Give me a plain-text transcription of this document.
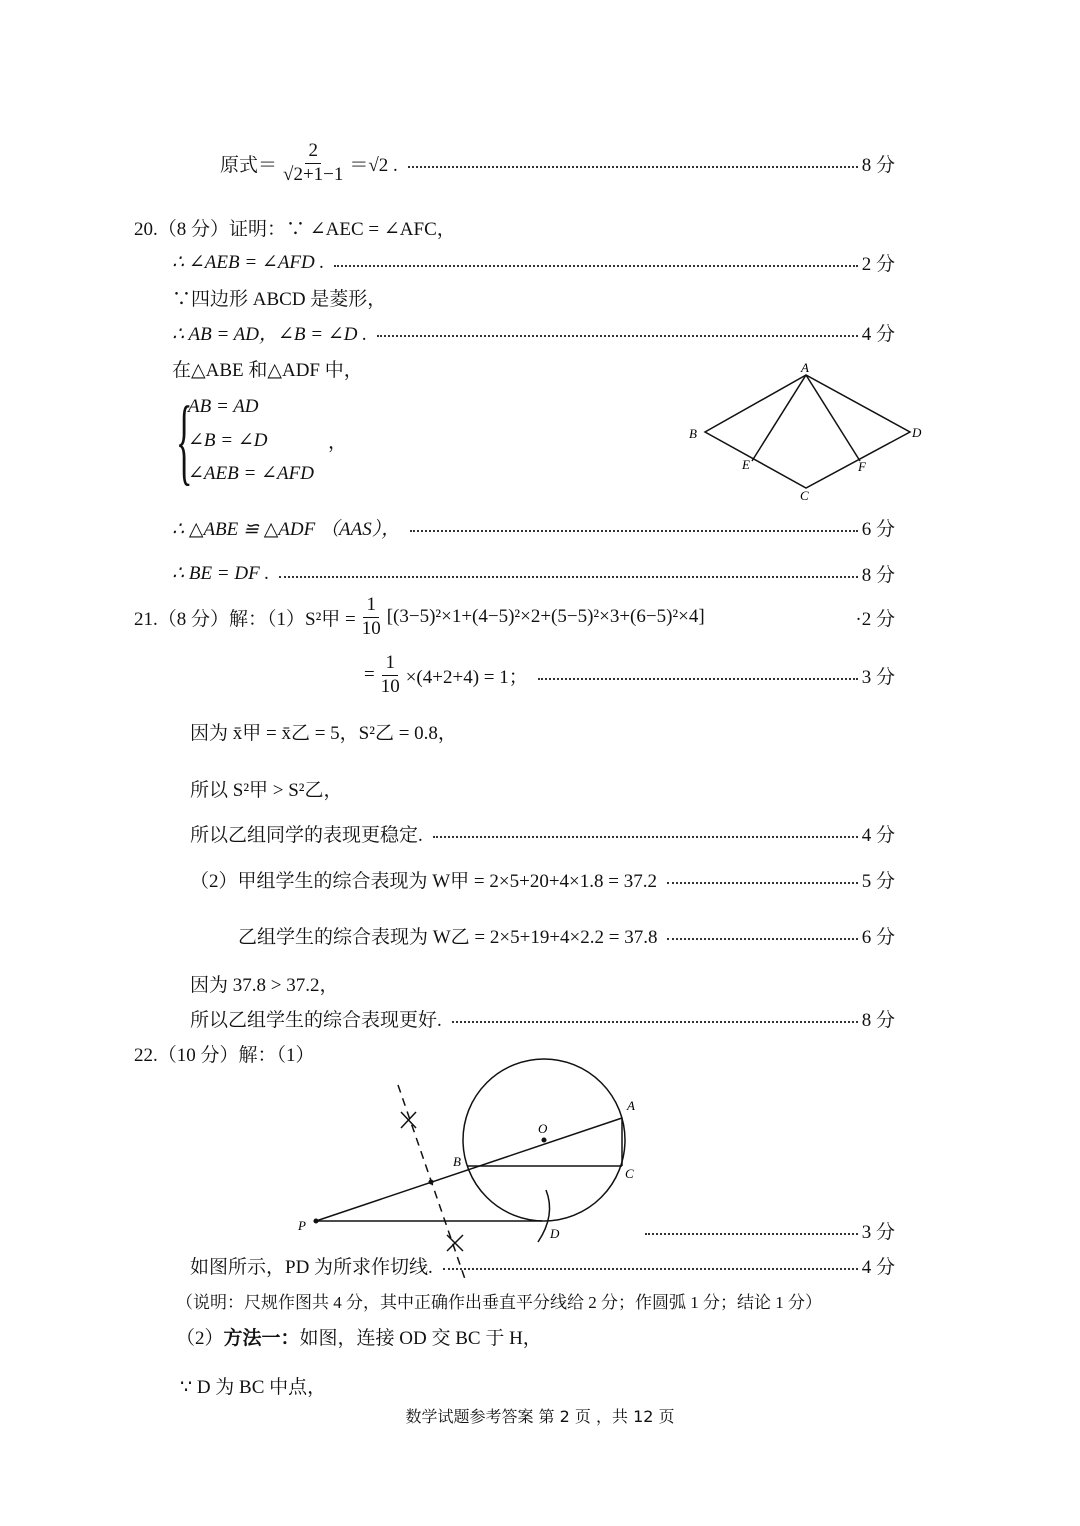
原式＝ $\frac{2}{√2+1-1} =√2$ .	8 分
20.（8 分）证明：∵ ∠AEC = ∠AFC，
∴ ∠AEB = ∠AFD .	2 分
∵四边形 ABCD 是菱形，
∴ AB = AD，∠B = ∠D .	4 分
在△ABE 和△ADF 中，
{
AB = AD
∠B = ∠D	，
∠AEB = ∠AFD
∴ △ABE ≌ △ADF （AAS），	6 分
∴ BE = DF .	8 分
A
B
C
D
E	F
A
B
C
D
O
P
21.（8 分）解：（1）S²甲 = $\frac{1}{10} [(3-5)^2\times 1+(4-5)^2\times 2+(5-5)^2\times 3+(6-5)^2\times 4]$	·2 分
= $\frac{1}{10} \times(4+2+4) = 1$；	3 分
因为 x̄甲 = x̄乙 = 5，S²乙 = 0.8，
所以 S²甲 > S²乙，
所以乙组同学的表现更稳定.	4 分
（2）甲组学生的综合表现为 W甲 = 2×5+20+4×1.8 = 37.2	5 分
乙组学生的综合表现为 W乙 = 2×5+19+4×2.2 = 37.8	6 分
因为 37.8 > 37.2，
所以乙组学生的综合表现更好.	8 分
22.（10 分）解：（1）
3 分
如图所示，PD 为所求作切线.	4 分
（说明：尺规作图共 4 分，其中正确作出垂直平分线给 2 分；作圆弧 1 分；结论 1 分）
（2） 方法一： 如图，连接 OD 交 BC 于 H，
∵ D 为 BC 中点，
数学试题参考答案 第 2 页 ，共 12 页
